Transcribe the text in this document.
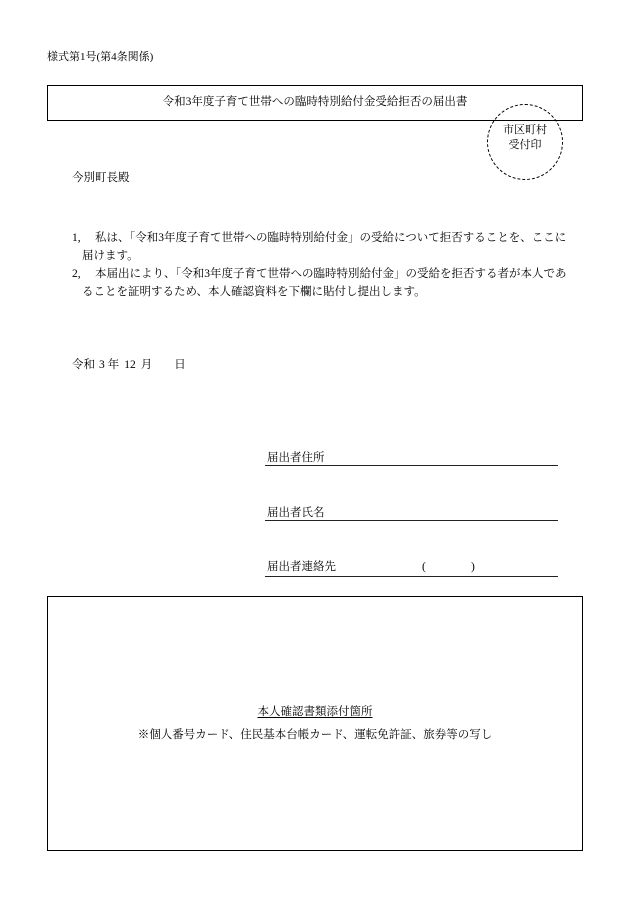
様式第1号(第4条関係)
令和3年度子育て世帯への臨時特別給付金受給拒否の届出書
市区町村
受付印
今別町長殿
1, 私は、「令和3年度子育て世帯への臨時特別給付金」の受給について拒否することを、ここに
届けます。
2, 本届出により、「令和3年度子育て世帯への臨時特別給付金」の受給を拒否する者が本人であ
ることを証明するため、本人確認資料を下欄に貼付し提出します。
令和 3 年 12 月 日
届出者住所
届出者氏名
届出者連絡先	(	)
本人確認書類添付箇所
※個人番号カード、住民基本台帳カード、運転免許証、旅券等の写し
